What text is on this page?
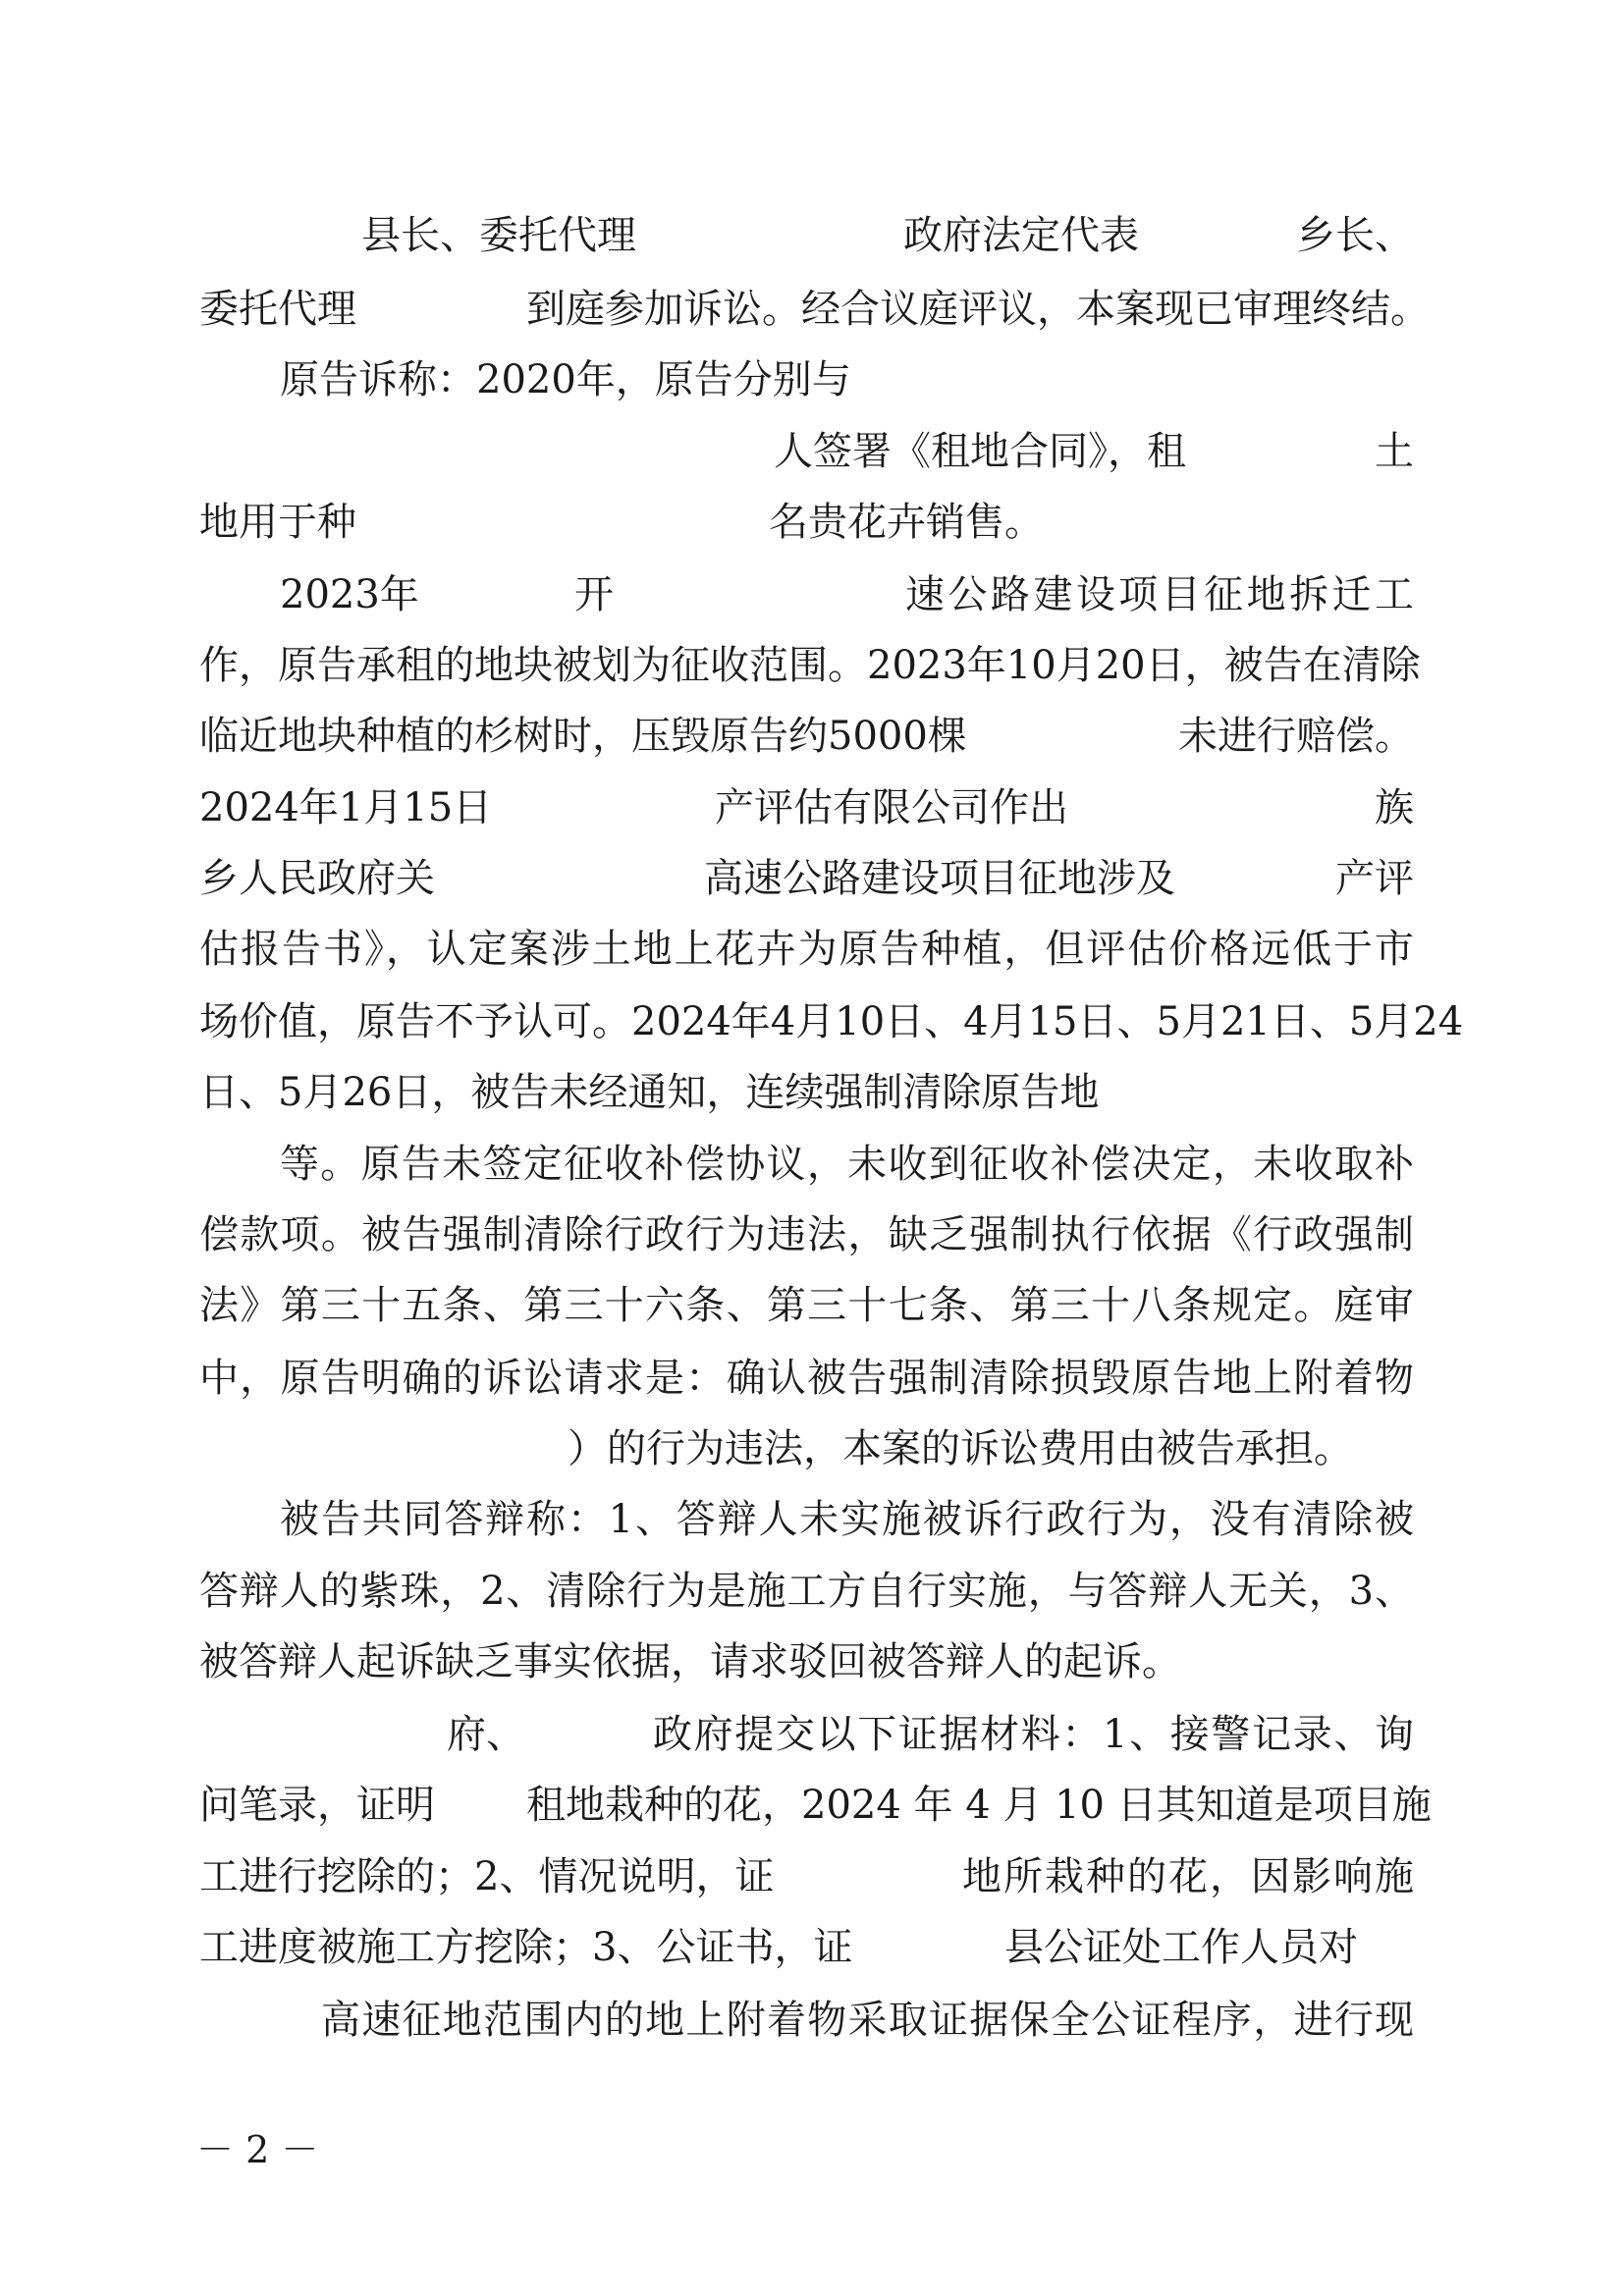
县长、委托代理	政府法定代表	乡长、
委托代理	到庭参加诉讼。经合议庭评议，本案现已审理终结。
原告诉称：2020年，原告分别与
人签署《租地合同》，租	土
地用于种	名贵花卉销售。
2023年	开	速公路建设项目征地拆迁工
作，原告承租的地块被划为征收范围。2023年10月20日，被告在清除
临近地块种植的杉树时，压毁原告约5000棵	未进行赔偿。
2024年1月15日	产评估有限公司作出	族
乡人民政府关	高速公路建设项目征地涉及	产评
估报告书》，认定案涉土地上花卉为原告种植，但评估价格远低于市
场价值，原告不予认可。2024年4月10日、4月15日、5月21日、5月24
日、5月26日，被告未经通知，连续强制清除原告地
等。原告未签定征收补偿协议，未收到征收补偿决定，未收取补
偿款项。被告强制清除行政行为违法，缺乏强制执行依据《行政强制
法》第三十五条、第三十六条、第三十七条、第三十八条规定。庭审
中，原告明确的诉讼请求是：确认被告强制清除损毁原告地上附着物
）的行为违法，本案的诉讼费用由被告承担。
被告共同答辩称：1、答辩人未实施被诉行政行为，没有清除被
答辩人的紫珠，2、清除行为是施工方自行实施，与答辩人无关，3、
被答辩人起诉缺乏事实依据，请求驳回被答辩人的起诉。
府、	政府提交以下证据材料：1、接警记录、询
问笔录，证明 租地栽种的花，2024 年 4 月 10 日其知道是项目施
工进行挖除的；2、情况说明，证	地所栽种的花，因影响施
工进度被施工方挖除；3、公证书，证	县公证处工作人员对
高速征地范围内的地上附着物采取证据保全公证程序，进行现
－ 2 －
